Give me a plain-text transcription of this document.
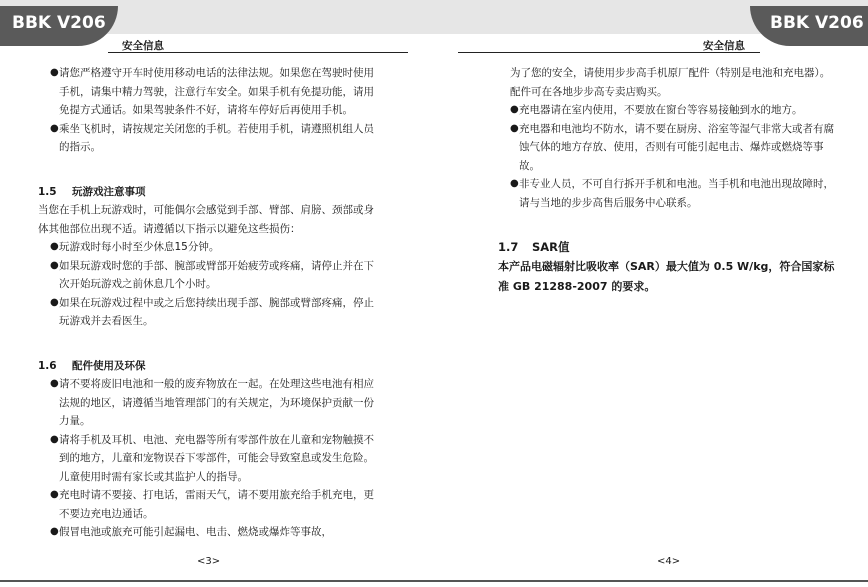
BBK V206	BBK V206
安全信息	安全信息
● 请您严格遵守开车时使用移动电话的法律法规。如果您在驾驶时使用手机，请集中精力驾驶，注意行车安全。如果手机有免提功能，请用免提方式通话。如果驾驶条件不好，请将车停好后再使用手机。
● 乘坐飞机时，请按规定关闭您的手机。若使用手机，请遵照机组人员的指示。
1.5 玩游戏注意事项
当您在手机上玩游戏时，可能偶尔会感觉到手部、臂部、肩膀、颈部或身体其他部位出现不适。请遵循以下指示以避免这些损伤：
● 玩游戏时每小时至少休息15分钟。
● 如果玩游戏时您的手部、腕部或臂部开始疲劳或疼痛，请停止并在下次开始玩游戏之前休息几个小时。
● 如果在玩游戏过程中或之后您持续出现手部、腕部或臂部疼痛，停止玩游戏并去看医生。
1.6 配件使用及环保
● 请不要将废旧电池和一般的废弃物放在一起。在处理这些电池有相应法规的地区，请遵循当地管理部门的有关规定，为环境保护贡献一份力量。
● 请将手机及耳机、电池、充电器等所有零部件放在儿童和宠物触摸不到的地方，儿童和宠物误吞下零部件，可能会导致窒息或发生危险。儿童使用时需有家长或其监护人的指导。
● 充电时请不要接、打电话，雷雨天气，请不要用旅充给手机充电，更不要边充电边通话。
● 假冒电池或旅充可能引起漏电、电击、燃烧或爆炸等事故，
为了您的安全，请使用步步高手机原厂配件（特别是电池和充电器）。配件可在各地步步高专卖店购买。
● 充电器请在室内使用，不要放在窗台等容易接触到水的地方。
● 充电器和电池均不防水，请不要在厨房、浴室等湿气非常大或者有腐蚀气体的地方存放、使用，否则有可能引起电击、爆炸或燃烧等事故。
● 非专业人员，不可自行拆开手机和电池。当手机和电池出现故障时，请与当地的步步高售后服务中心联系。
1.7 SAR值
本产品电磁辐射比吸收率（SAR）最大值为 0.5 W/kg，符合国家标准 GB 21288-2007 的要求。
<3>	<4>
